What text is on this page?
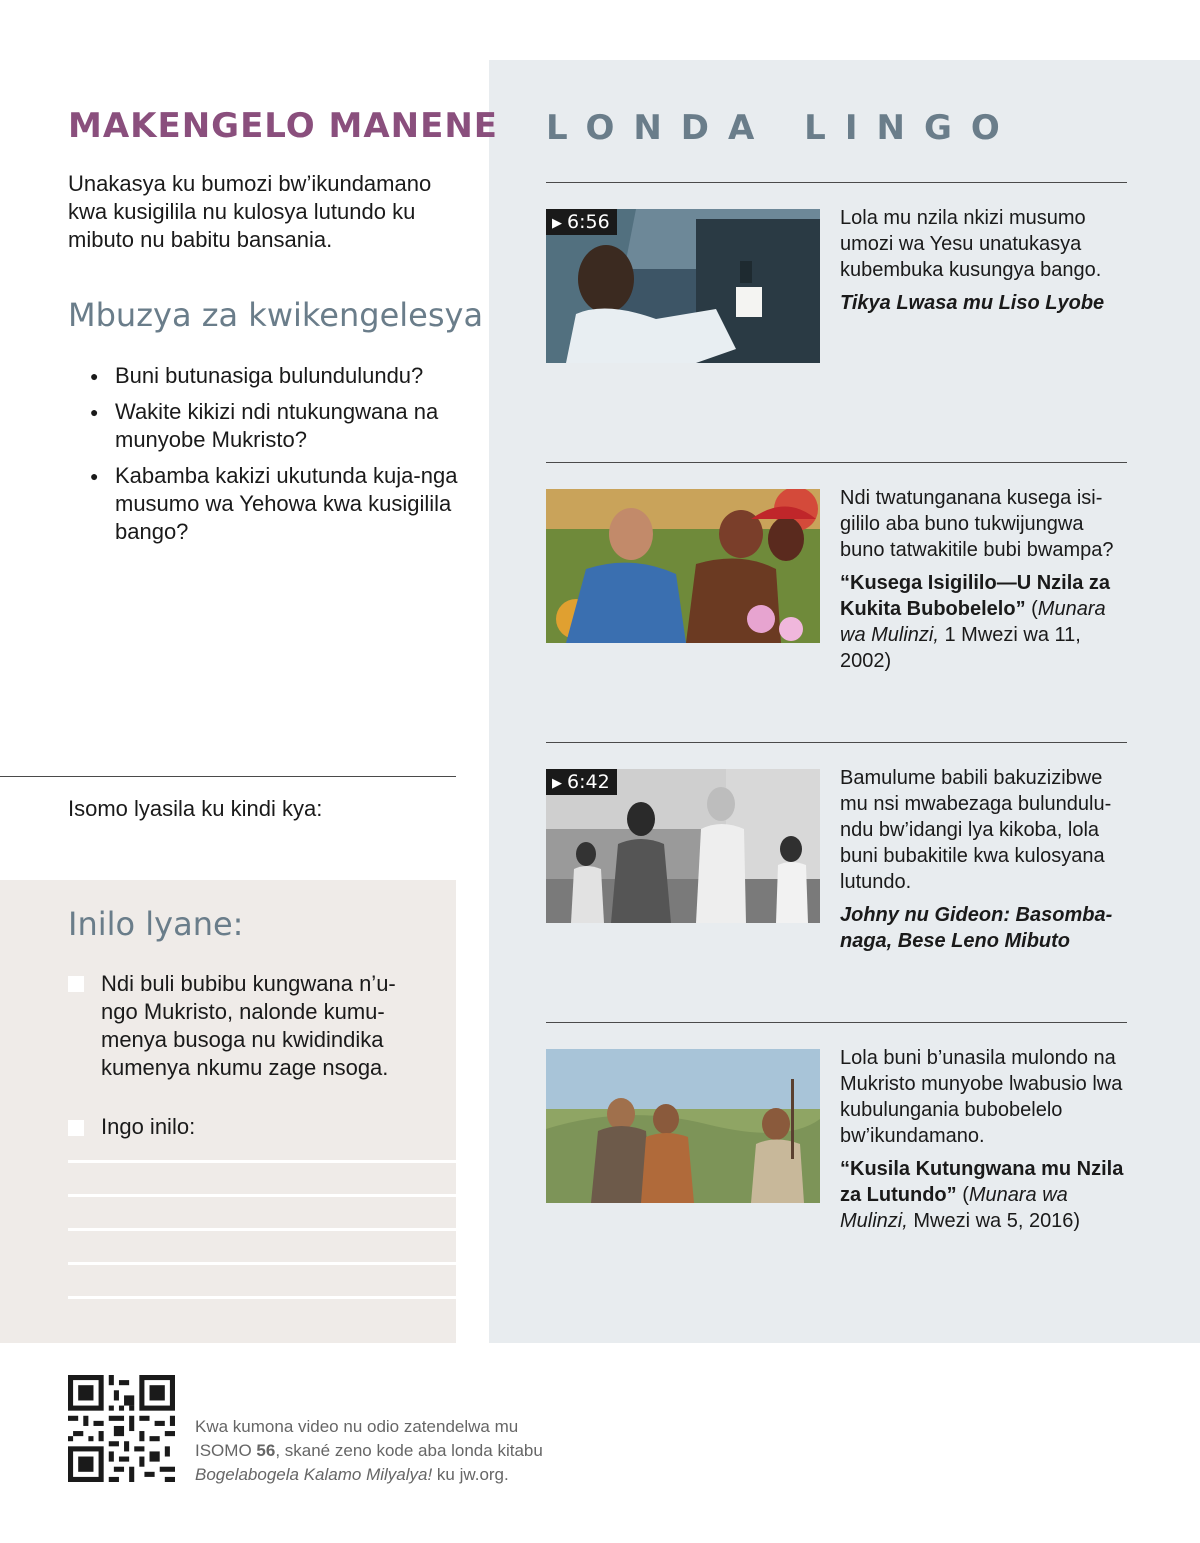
MAKENGELO MANENE
Unakasya ku bumozi bw’ikundamano kwa kusigilila nu kulosya lutundo ku mibuto nu babitu bansania.
Mbuzya za kwikengelesya
● Buni butunasiga bulundulundu?
● Wakite kikizi ndi ntukungwana na munyobe Mukristo?
● Kabamba kakizi ukutunda kuja-nga musumo wa Yehowa kwa kusigilila bango?
Isomo lyasila ku kindi kya:
Inilo lyane:
Ndi buli bubibu kungwana n’u-ngo Mukristo, nalonde kumu-menya busoga nu kwidindika kumenya nkumu zage nsoga.
Ingo inilo:
LONDA LINGO
▶ 6:56	Lola mu nzila nkizi musumo umozi wa Yesu unatukasya kubembuka kusungya bango.
Tikya Lwasa mu Liso Lyobe
Ndi twatunganana kusega isi-gililo aba buno tukwijungwa buno tatwakitile bubi bwampa?
“Kusega Isigililo—U Nzila za Kukita Bubobelelo” (Munara wa Mulinzi, 1 Mwezi wa 11, 2002)
▶ 6:42	Bamulume babili bakuzizibwe mu nsi mwabezaga bulundulu-ndu bw’idangi lya kikoba, lola buni bubakitile kwa kulosyana lutundo.
Johny nu Gideon: Basomba-naga, Bese Leno Mibuto
Lola buni b’unasila mulondo na Mukristo munyobe lwabusio lwa kubulungania bubobelelo bw’ikundamano.
“Kusila Kutungwana mu Nzila za Lutundo” (Munara wa Mulinzi, Mwezi wa 5, 2016)
Kwa kumona video nu odio zatendelwa mu
ISOMO 56, skané zeno kode aba londa kitabu
Bogelabogela Kalamo Milyalya! ku jw.org.
